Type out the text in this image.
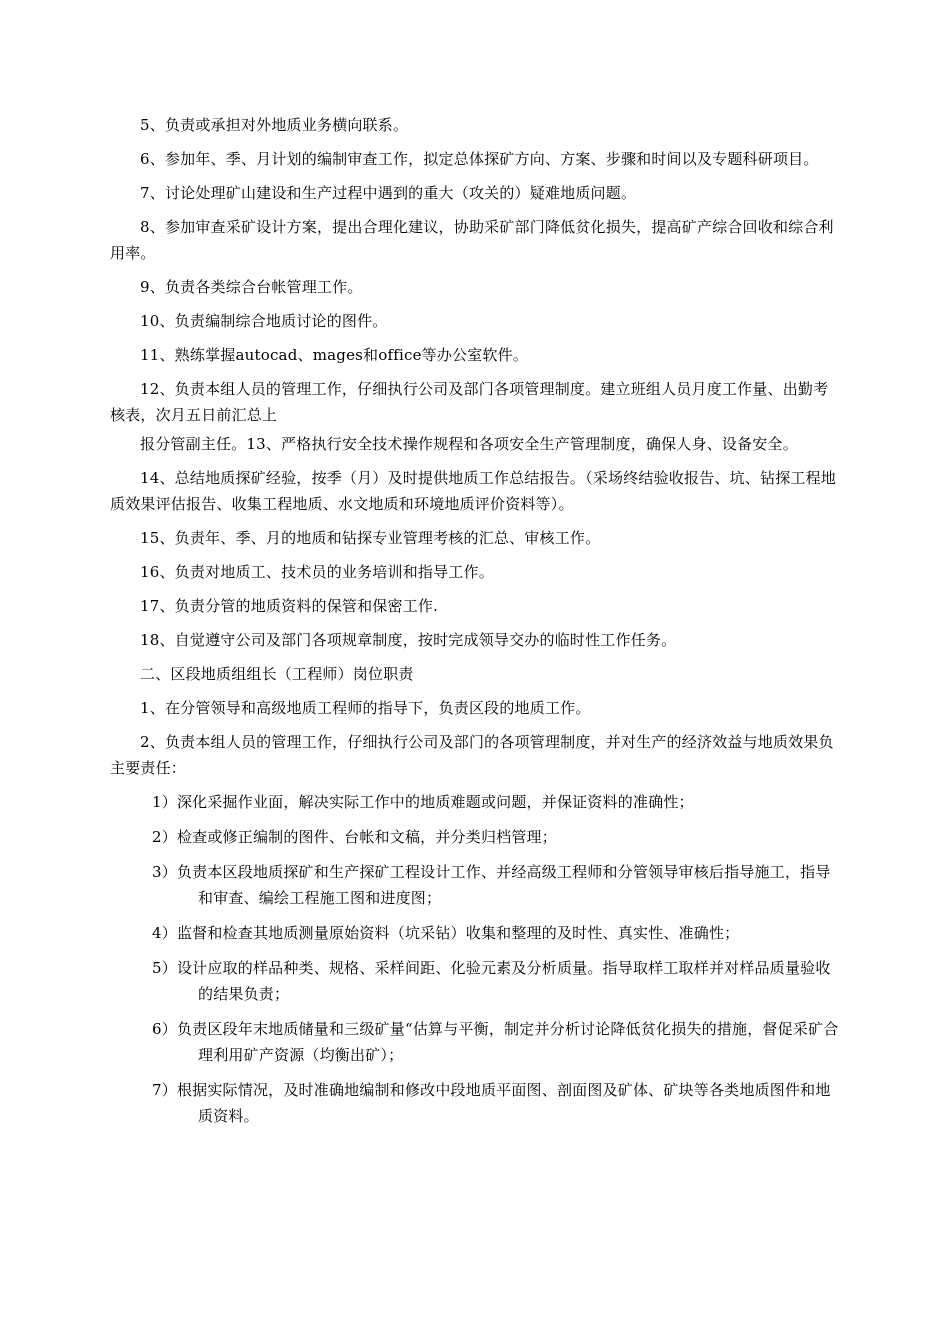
5、负责或承担对外地质业务横向联系。

6、参加年、季、月计划的编制审查工作，拟定总体探矿方向、方案、步骤和时间以及专题科研项目。

7、讨论处理矿山建设和生产过程中遇到的重大（攻关的）疑难地质问题。

8、参加审查采矿设计方案，提出合理化建议，协助采矿部门降低贫化损失，提高矿产综合回收和综合利用率。

9、负责各类综合台帐管理工作。

10、负责编制综合地质讨论的图件。

11、熟练掌握autocad、mages和office等办公室软件。

12、负责本组人员的管理工作，仔细执行公司及部门各项管理制度。建立班组人员月度工作量、出勤考核表，次月五日前汇总上

报分管副主任。13、严格执行安全技术操作规程和各项安全生产管理制度，确保人身、设备安全。

14、总结地质探矿经验，按季（月）及时提供地质工作总结报告。（采场终结验收报告、坑、钻探工程地质效果评估报告、收集工程地质、水文地质和环境地质评价资料等）。

15、负责年、季、月的地质和钻探专业管理考核的汇总、审核工作。

16、负责对地质工、技术员的业务培训和指导工作。

17、负责分管的地质资料的保管和保密工作.

18、自觉遵守公司及部门各项规章制度，按时完成领导交办的临时性工作任务。

二、区段地质组组长（工程师）岗位职责

1、在分管领导和高级地质工程师的指导下，负责区段的地质工作。

2、负责本组人员的管理工作，仔细执行公司及部门的各项管理制度，并对生产的经济效益与地质效果负主要责任：

1）深化采掘作业面，解决实际工作中的地质难题或问题，并保证资料的准确性；

2）检查或修正编制的图件、台帐和文稿，并分类归档管理；

3）负责本区段地质探矿和生产探矿工程设计工作、并经高级工程师和分管领导审核后指导施工，指导和审查、编绘工程施工图和进度图；

4）监督和检查其地质测量原始资料（坑采钻）收集和整理的及时性、真实性、准确性；

5）设计应取的样品种类、规格、采样间距、化验元素及分析质量。指导取样工取样并对样品质量验收的结果负责；

6）负责区段年末地质储量和三级矿量“估算与平衡，制定并分析讨论降低贫化损失的措施，督促采矿合理利用矿产资源（均衡出矿）；

7）根据实际情况，及时准确地编制和修改中段地质平面图、剖面图及矿体、矿块等各类地质图件和地质资料。
